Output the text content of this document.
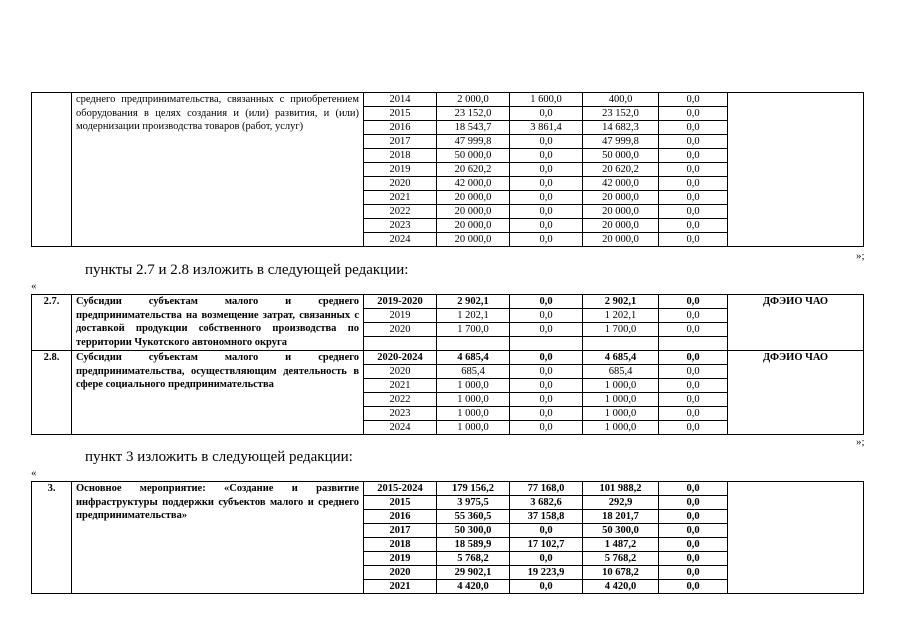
	среднего предпринимательства, связанных с приобретением оборудования в целях создания и (или) развития, и (или) модернизации производства товаров (работ, услуг)	2014	2 000,0	1 600,0	400,0	0,0	
		2015	23 152,0	0,0	23 152,0	0,0	
		2016	18 543,7	3 861,4	14 682,3	0,0	
		2017	47 999,8	0,0	47 999,8	0,0	
		2018	50 000,0	0,0	50 000,0	0,0	
		2019	20 620,2	0,0	20 620,2	0,0	
		2020	42 000,0	0,0	42 000,0	0,0	
		2021	20 000,0	0,0	20 000,0	0,0	
		2022	20 000,0	0,0	20 000,0	0,0	
		2023	20 000,0	0,0	20 000,0	0,0	
		2024	20 000,0	0,0	20 000,0	0,0	
»;
пункты 2.7 и 2.8 изложить в следующей редакции:
«
2.7.	Субсидии субъектам малого и среднего предпринимательства на возмещение затрат, связанных с доставкой продукции собственного производства по территории Чукотского автономного округа	2019-2020	2 902,1	0,0	2 902,1	0,0	ДФЭИО ЧАО
		2019	1 202,1	0,0	1 202,1	0,0	
		2020	1 700,0	0,0	1 700,0	0,0	

2.8.	Субсидии субъектам малого и среднего предпринимательства, осуществляющим деятельность в сфере социального предпринимательства	2020-2024	4 685,4	0,0	4 685,4	0,0	ДФЭИО ЧАО
		2020	685,4	0,0	685,4	0,0	
		2021	1 000,0	0,0	1 000,0	0,0	
		2022	1 000,0	0,0	1 000,0	0,0	
		2023	1 000,0	0,0	1 000,0	0,0	
		2024	1 000,0	0,0	1 000,0	0,0	
»;
пункт 3 изложить в следующей редакции:
«
3.	Основное мероприятие: «Создание и развитие инфраструктуры поддержки субъектов малого и среднего предпринимательства»	2015-2024	179 156,2	77 168,0	101 988,2	0,0	
		2015	3 975,5	3 682,6	292,9	0,0	
		2016	55 360,5	37 158,8	18 201,7	0,0	
		2017	50 300,0	0,0	50 300,0	0,0	
		2018	18 589,9	17 102,7	1 487,2	0,0	
		2019	5 768,2	0,0	5 768,2	0,0	
		2020	29 902,1	19 223,9	10 678,2	0,0	
		2021	4 420,0	0,0	4 420,0	0,0	
